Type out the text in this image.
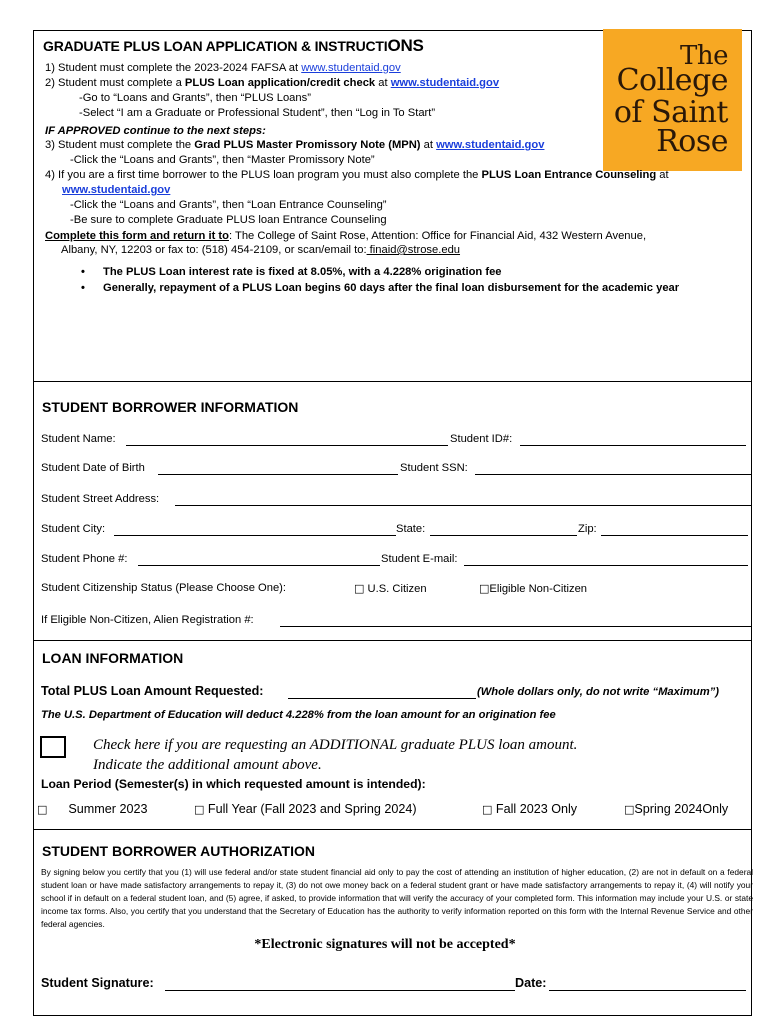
GRADUATE PLUS LOAN APPLICATION & INSTRUCTIONS	The
College
of Saint
Rose
1) Student must complete the 2023-2024 FAFSA at www.studentaid.gov
2) Student must complete a PLUS Loan application/credit check at www.studentaid.gov
-Go to “Loans and Grants”, then “PLUS Loans”
-Select “I am a Graduate or Professional Student”, then “Log in To Start”
IF APPROVED continue to the next steps:
3) Student must complete the Grad PLUS Master Promissory Note (MPN) at www.studentaid.gov
-Click the “Loans and Grants”, then “Master Promissory Note”
4) If you are a first time borrower to the PLUS loan program you must also complete the PLUS Loan Entrance Counseling at
www.studentaid.gov
-Click the “Loans and Grants”, then “Loan Entrance Counseling”
-Be sure to complete Graduate PLUS loan Entrance Counseling
Complete this form and return it to: The College of Saint Rose, Attention: Office for Financial Aid, 432 Western Avenue,
Albany, NY, 12203 or fax to: (518) 454-2109, or scan/email to: finaid@strose.edu
• The PLUS Loan interest rate is fixed at 8.05%, with a 4.228% origination fee
• Generally, repayment of a PLUS Loan begins 60 days after the final loan disbursement for the academic year
STUDENT BORROWER INFORMATION
Student Name:	Student ID#:
Student Date of Birth	Student SSN:
Student Street Address:
Student City:	State:	Zip:
Student Phone #:	Student E-mail:
Student Citizenship Status (Please Choose One):	□ U.S. Citizen	□Eligible Non-Citizen
If Eligible Non-Citizen, Alien Registration #:
LOAN INFORMATION
Total PLUS Loan Amount Requested:	(Whole dollars only, do not write “Maximum”)
The U.S. Department of Education will deduct 4.228% from the loan amount for an origination fee
Check here if you are requesting an ADDITIONAL graduate PLUS loan amount.
Indicate the additional amount above.
Loan Period (Semester(s) in which requested amount is intended):
□ Summer 2023	□ Full Year (Fall 2023 and Spring 2024)	□ Fall 2023 Only	□Spring 2024Only
STUDENT BORROWER AUTHORIZATION
By signing below you certify that you (1) will use federal and/or state student financial aid only to pay the cost of attending an institution of higher education, (2) are not in default on a federal student loan or have made satisfactory arrangements to repay it, (3) do not owe money back on a federal student grant or have made satisfactory arrangements to repay it, (4) will notify your school if in default on a federal student loan, and (5) agree, if asked, to provide information that will verify the accuracy of your completed form. This information may include your U.S. or state income tax forms. Also, you certify that you understand that the Secretary of Education has the authority to verify information reported on this form with the Internal Revenue Service and other federal agencies.
*Electronic signatures will not be accepted*
Student Signature:	Date:
